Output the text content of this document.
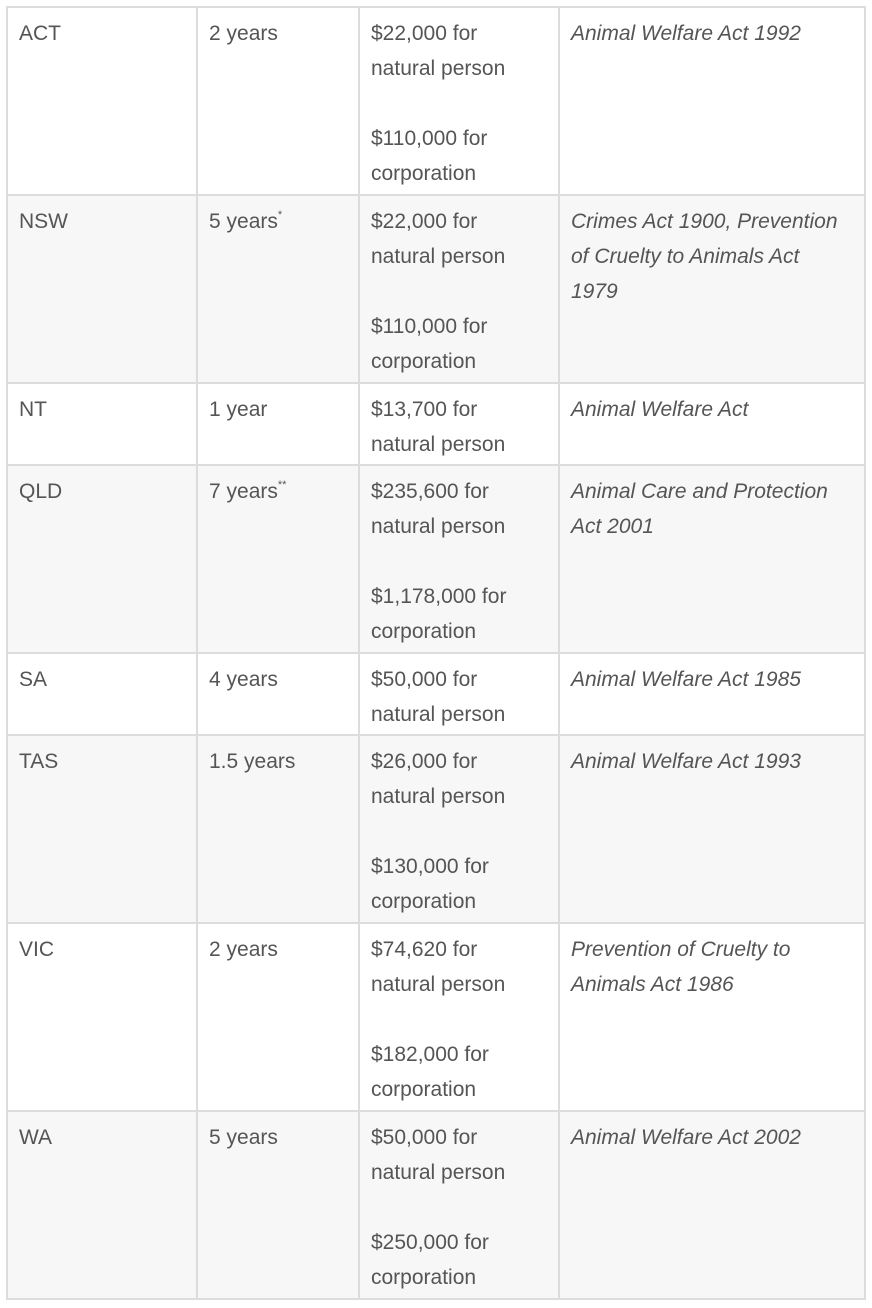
ACT	2 years	$22,000 for
natural person
$110,000 for
corporation	Animal Welfare Act 1992

NSW	5 years*	$22,000 for
natural person
$110,000 for
corporation	Crimes Act 1900, Prevention
of Cruelty to Animals Act
1979

NT	1 year	$13,700 for
natural person	Animal Welfare Act

QLD	7 years**	$235,600 for
natural person
$1,178,000 for
corporation	Animal Care and Protection
Act 2001

SA	4 years	$50,000 for
natural person	Animal Welfare Act 1985

TAS	1.5 years	$26,000 for
natural person
$130,000 for
corporation	Animal Welfare Act 1993

VIC	2 years	$74,620 for
natural person
$182,000 for
corporation	Prevention of Cruelty to
Animals Act 1986

WA	5 years	$50,000 for
natural person
$250,000 for
corporation	Animal Welfare Act 2002
